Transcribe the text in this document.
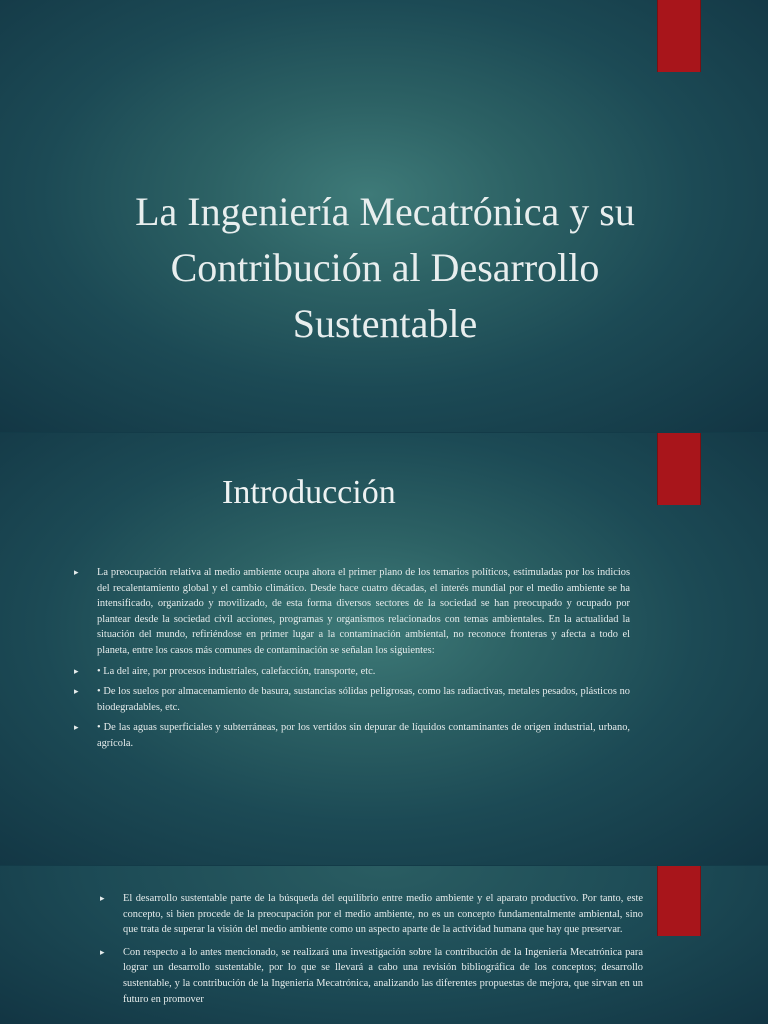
La Ingeniería Mecatrónica y su
Contribución al Desarrollo
Sustentable
Introducción
▸ La preocupación relativa al medio ambiente ocupa ahora el primer plano de los temarios políticos, estimuladas por los indicios del recalentamiento global y el cambio climático. Desde hace cuatro décadas, el interés mundial por el medio ambiente se ha intensificado, organizado y movilizado, de esta forma diversos sectores de la sociedad se han preocupado y ocupado por plantear desde la sociedad civil acciones, programas y organismos relacionados con temas ambientales. En la actualidad la situación del mundo, refiriéndose en primer lugar a la contaminación ambiental, no reconoce fronteras y afecta a todo el planeta, entre los casos más comunes de contaminación se señalan los siguientes:
▸ • La del aire, por procesos industriales, calefacción, transporte, etc.
▸ • De los suelos por almacenamiento de basura, sustancias sólidas peligrosas, como las radiactivas, metales pesados, plásticos no biodegradables, etc.
▸ • De las aguas superficiales y subterráneas, por los vertidos sin depurar de líquidos contaminantes de origen industrial, urbano, agrícola.
▸ El desarrollo sustentable parte de la búsqueda del equilibrio entre medio ambiente y el aparato productivo. Por tanto, este concepto, si bien procede de la preocupación por el medio ambiente, no es un concepto fundamentalmente ambiental, sino que trata de superar la visión del medio ambiente como un aspecto aparte de la actividad humana que hay que preservar.
▸ Con respecto a lo antes mencionado, se realizará una investigación sobre la contribución de la Ingeniería Mecatrónica para lograr un desarrollo sustentable, por lo que se llevará a cabo una revisión bibliográfica de los conceptos; desarrollo sustentable, y la contribución de la Ingeniería Mecatrónica, analizando las diferentes propuestas de mejora, que sirvan en un futuro en promover
